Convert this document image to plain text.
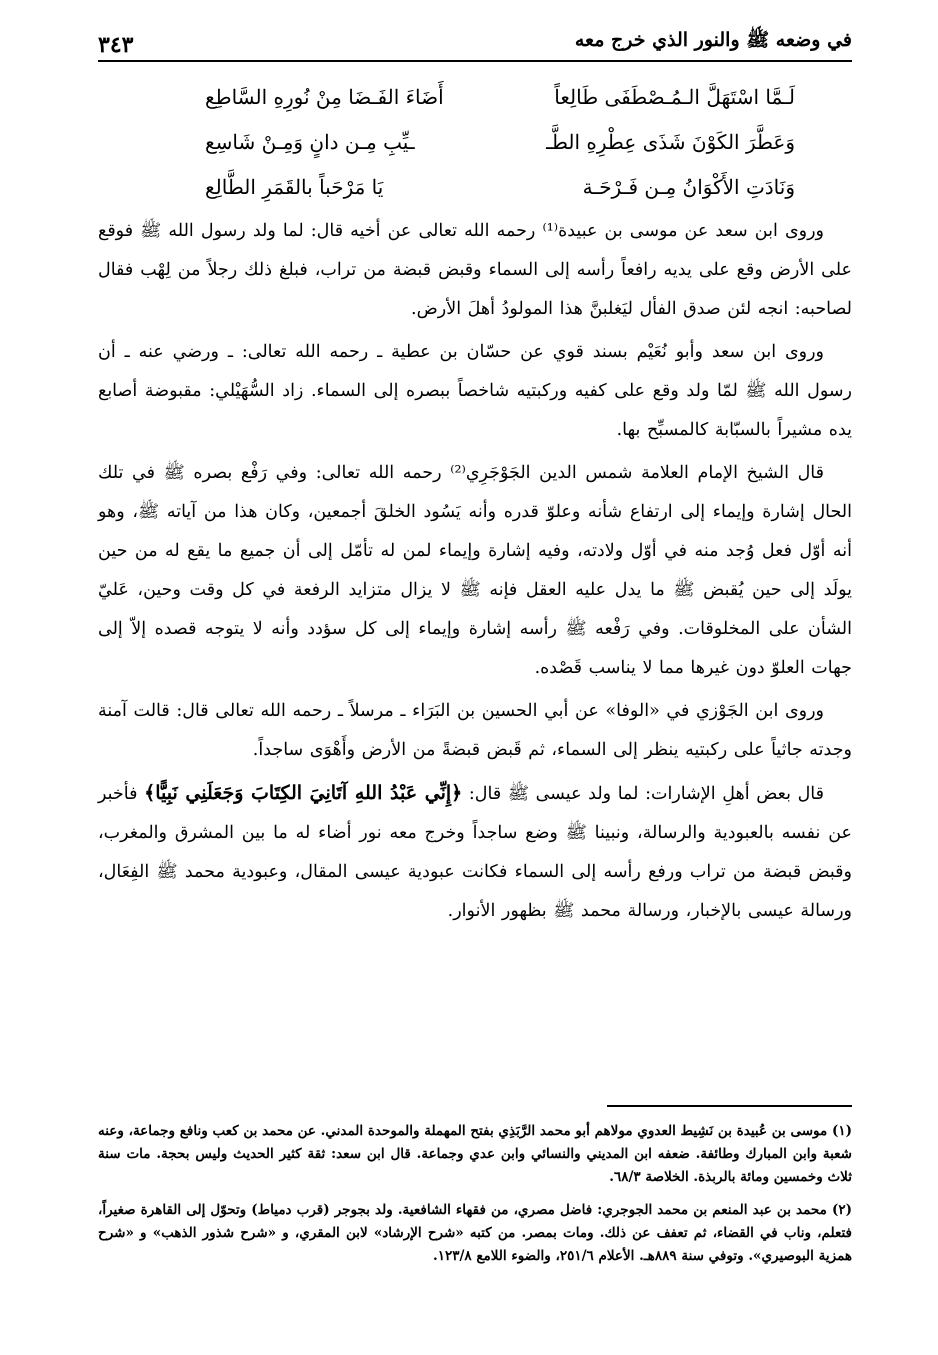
في وضعه ﷺ والنور الذي خرج معه
٣٤٣
لَـمَّا اسْتَهَلَّ الـمُـصْطَفَى طَالِعاً
أَضَاءَ الفَـضَا مِنْ نُورِهِ السَّاطِع
وَعَطَّرَ الكَوْنَ شَذَى عِطْرِهِ الطَّـ
ـيِّبِ مِـن دانٍ وَمِـنْ شَاسِع
وَنَادَتِ الأَكْوَانُ مِـن فَـرْحَـة
يَا مَرْحَباً بالقَمَرِ الطَّالِع

وروى ابن سعد عن موسى بن عبيدة⁽¹⁾ رحمه الله تعالى عن أخيه قال: لما ولد رسول الله ﷺ فوقع على الأرض وقع على يديه رافعاً رأسه إلى السماء وقبض قبضة من تراب، فبلغ ذلك رجلاً من لِهْب فقال لصاحبه: انجه لئن صدق الفأل ليَغلبنَّ هذا المولودُ أهلَ الأرض.

وروى ابن سعد وأبو نُعَيْم بسند قوي عن حسّان بن عطية ـ رحمه الله تعالى: ـ ورضي عنه ـ أن رسول الله ﷺ لمّا ولد وقع على كفيه وركبتيه شاخصاً ببصره إلى السماء. زاد السُّهَيْلي: مقبوضة أصابع يده مشيراً بالسبّابة كالمسبِّح بها.

قال الشيخ الإمام العلامة شمس الدين الجَوْجَرِي⁽²⁾ رحمه الله تعالى: وفي رَفْع بصره ﷺ في تلك الحال إشارة وإيماء إلى ارتفاع شأنه وعلوّ قدره وأنه يَسُود الخلقَ أجمعين، وكان هذا من آياته ﷺ، وهو أنه أوّل فعل وُجد منه في أوّل ولادته، وفيه إشارة وإيماء لمن له تأمّل إلى أن جميع ما يقع له من حين يولَد إلى حين يُقبض ﷺ ما يدل عليه العقل فإنه ﷺ لا يزال متزايد الرفعة في كل وقت وحين، عَليّ الشأن على المخلوقات. وفي رَفْعه ﷺ رأسه إشارة وإيماء إلى كل سؤدد وأنه لا يتوجه قصده إلاّ إلى جهات العلوّ دون غيرها مما لا يناسب قَصْده.

وروى ابن الجَوْزي في «الوفا» عن أبي الحسين بن البَرَاء ـ مرسلاً ـ رحمه الله تعالى قال: قالت آمنة وجدته جاثياً على ركبتيه ينظر إلى السماء، ثم قَبض قبضةً من الأرض وأَهْوَى ساجداً.

قال بعض أهلِ الإشارات: لما ولد عيسى ﷺ قال: ﴿إِنِّي عَبْدُ اللهِ آتَانِيَ الكِتَابَ وَجَعَلَنِي نَبِيًّا﴾ فأخبر عن نفسه بالعبودية والرسالة، ونبينا ﷺ وضع ساجداً وخرج معه نور أضاء له ما بين المشرق والمغرب، وقبض قبضة من تراب ورفع رأسه إلى السماء فكانت عبودية عيسى المقال، وعبودية محمد ﷺ الفِعَال، ورسالة عيسى بالإخبار، ورسالة محمد ﷺ بظهور الأنوار.

(١) موسى بن عُبيدة بن نَشِيط العدوي مولاهم أبو محمد الرَّبَذِي بفتح المهملة والموحدة المدني. عن محمد بن كعب ونافع وجماعة، وعنه شعبة وابن المبارك وطائفة. ضعفه ابن المديني والنسائي وابن عدي وجماعة. قال ابن سعد: ثقة كثير الحديث وليس بحجة. مات سنة ثلاث وخمسين ومائة بالربذة. الخلاصة ٦٨/٣.

(٢) محمد بن عبد المنعم بن محمد الجوجري: فاضل مصري، من فقهاء الشافعية. ولد بجوجر (قرب دمياط) وتحوّل إلى القاهرة صغيراً، فتعلم، وناب في القضاء، ثم تعفف عن ذلك. ومات بمصر. من كتبه «شرح الإرشاد» لابن المقري، و «شرح شذور الذهب» و «شرح همزية البوصيري». وتوفي سنة ٨٨٩هـ. الأعلام ٢٥١/٦، والضوء اللامع ١٢٣/٨.
